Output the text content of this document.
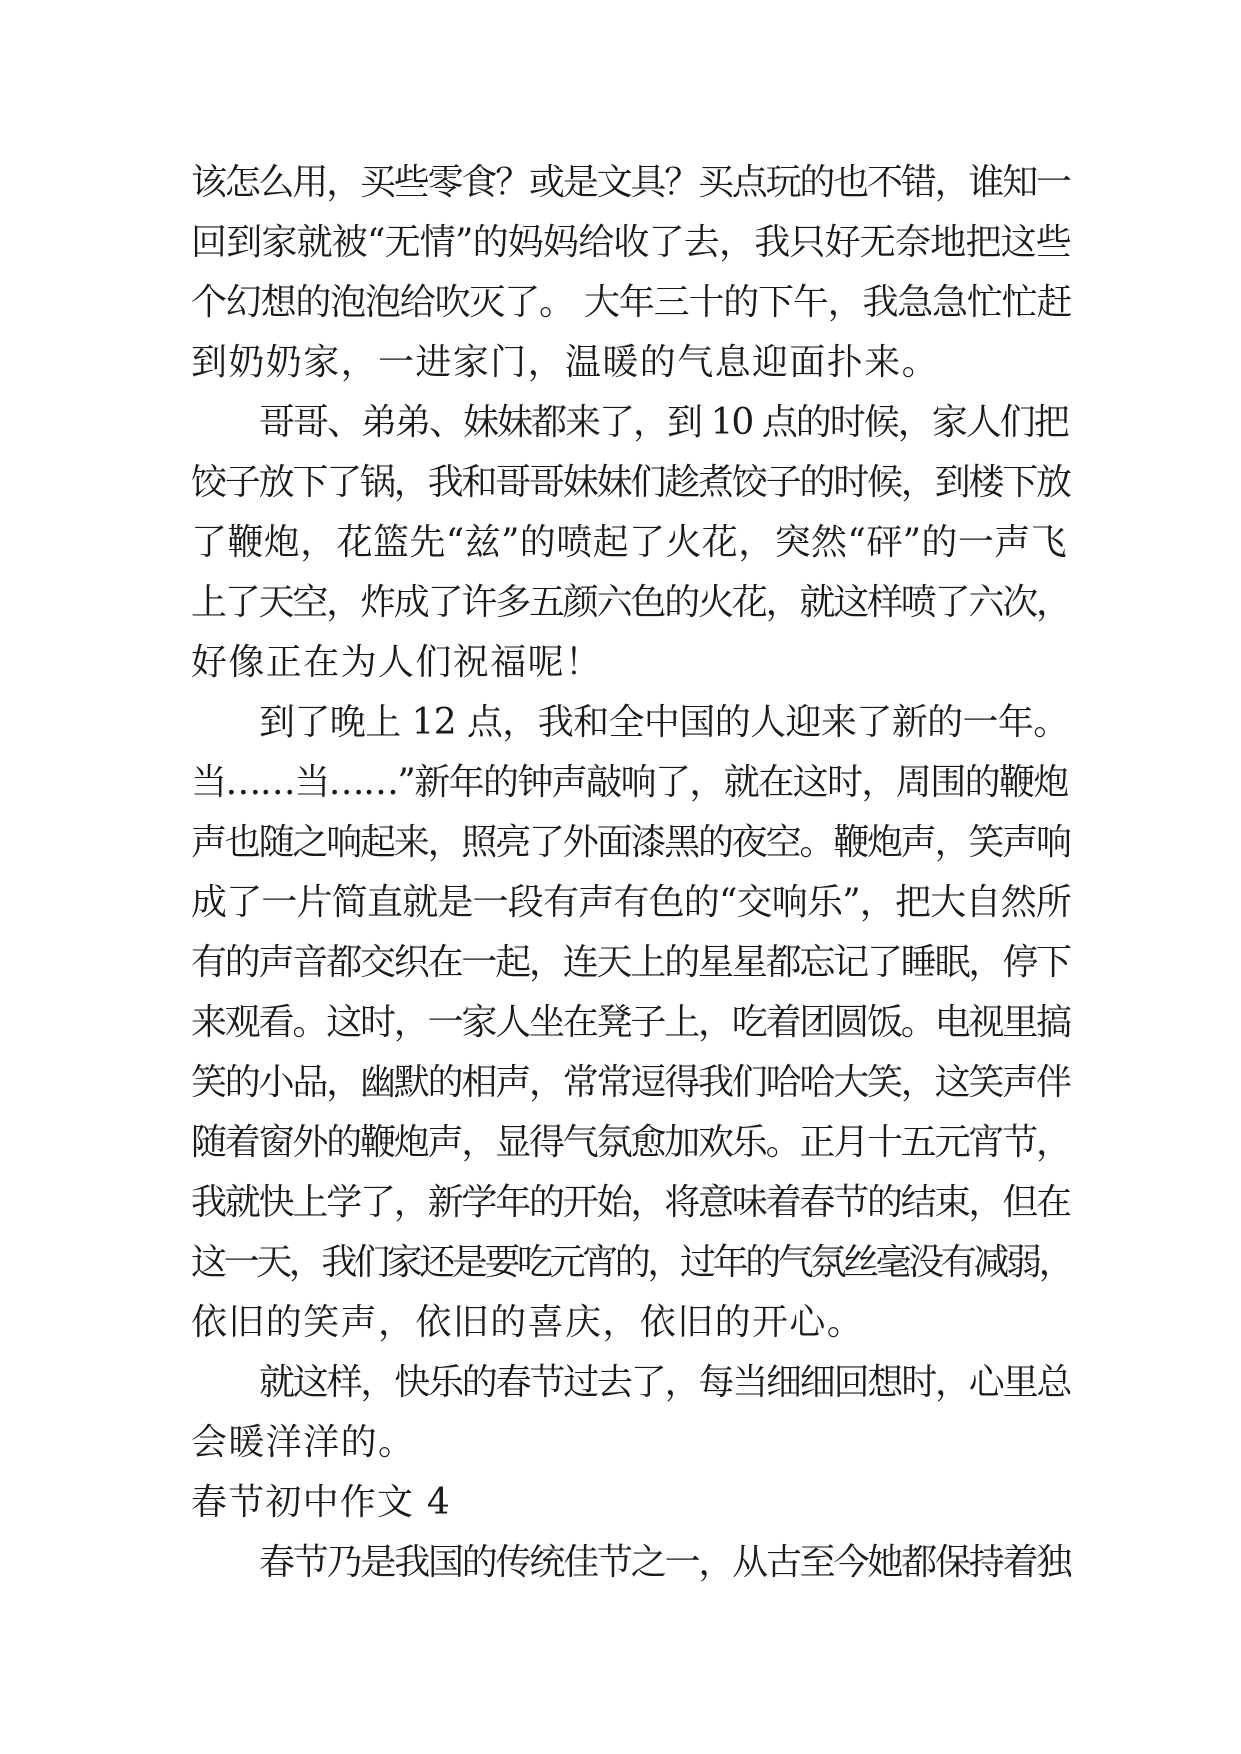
该怎么用，买些零食？或是文具？买点玩的也不错，谁知一
回到家就被“无情”的妈妈给收了去，我只好无奈地把这些
个幻想的泡泡给吹灭了。 大年三十的下午，我急急忙忙赶
到奶奶家，一进家门，温暖的气息迎面扑来。
哥哥、弟弟、妹妹都来了，到 10 点的时候，家人们把
饺子放下了锅，我和哥哥妹妹们趁煮饺子的时候，到楼下放
了鞭炮，花篮先“兹”的喷起了火花，突然“砰”的一声飞
上了天空，炸成了许多五颜六色的火花，就这样喷了六次，
好像正在为人们祝福呢！
到了晚上 12 点，我和全中国的人迎来了新的一年。
当……当……”新年的钟声敲响了，就在这时，周围的鞭炮
声也随之响起来，照亮了外面漆黑的夜空。鞭炮声，笑声响
成了一片简直就是一段有声有色的“交响乐”，把大自然所
有的声音都交织在一起，连天上的星星都忘记了睡眠，停下
来观看。这时，一家人坐在凳子上，吃着团圆饭。电视里搞
笑的小品，幽默的相声，常常逗得我们哈哈大笑，这笑声伴
随着窗外的鞭炮声，显得气氛愈加欢乐。正月十五元宵节，
我就快上学了，新学年的开始，将意味着春节的结束，但在
这一天，我们家还是要吃元宵的，过年的气氛丝毫没有减弱，
依旧的笑声，依旧的喜庆，依旧的开心。
就这样，快乐的春节过去了，每当细细回想时，心里总
会暖洋洋的。
春节初中作文 4
春节乃是我国的传统佳节之一，从古至今她都保持着独
